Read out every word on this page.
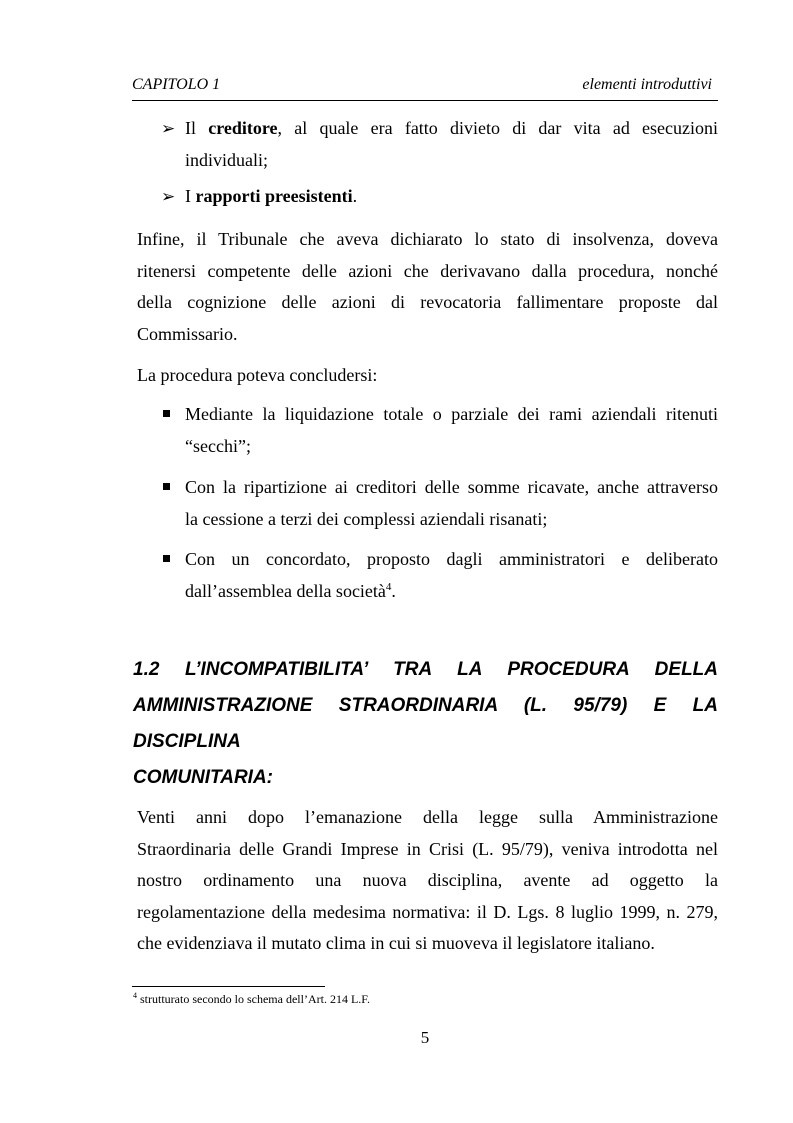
CAPITOLO 1	elementi introduttivi
➢ Il creditore, al quale era fatto divieto di dar vita ad esecuzioni
individuali;
➢ I rapporti preesistenti.
Infine, il Tribunale che aveva dichiarato lo stato di insolvenza, doveva
ritenersi competente delle azioni che derivavano dalla procedura, nonché
della cognizione delle azioni di revocatoria fallimentare proposte dal
Commissario.
La procedura poteva concludersi:
Mediante la liquidazione totale o parziale dei rami aziendali ritenuti
“secchi”;
Con la ripartizione ai creditori delle somme ricavate, anche attraverso
la cessione a terzi dei complessi aziendali risanati;
Con un concordato, proposto dagli amministratori e deliberato
dall’assemblea della società$^4$.
1.2 L’INCOMPATIBILITA’ TRA LA PROCEDURA DELLA
AMMINISTRAZIONE STRAORDINARIA (L. 95/79) E LA DISCIPLINA
COMUNITARIA:
Venti anni dopo l’emanazione della legge sulla Amministrazione
Straordinaria delle Grandi Imprese in Crisi (L. 95/79), veniva introdotta nel
nostro ordinamento una nuova disciplina, avente ad oggetto la
regolamentazione della medesima normativa: il D. Lgs. 8 luglio 1999, n. 279,
che evidenziava il mutato clima in cui si muoveva il legislatore italiano.
$^4$ strutturato secondo lo schema dell’Art. 214 L.F.
5
